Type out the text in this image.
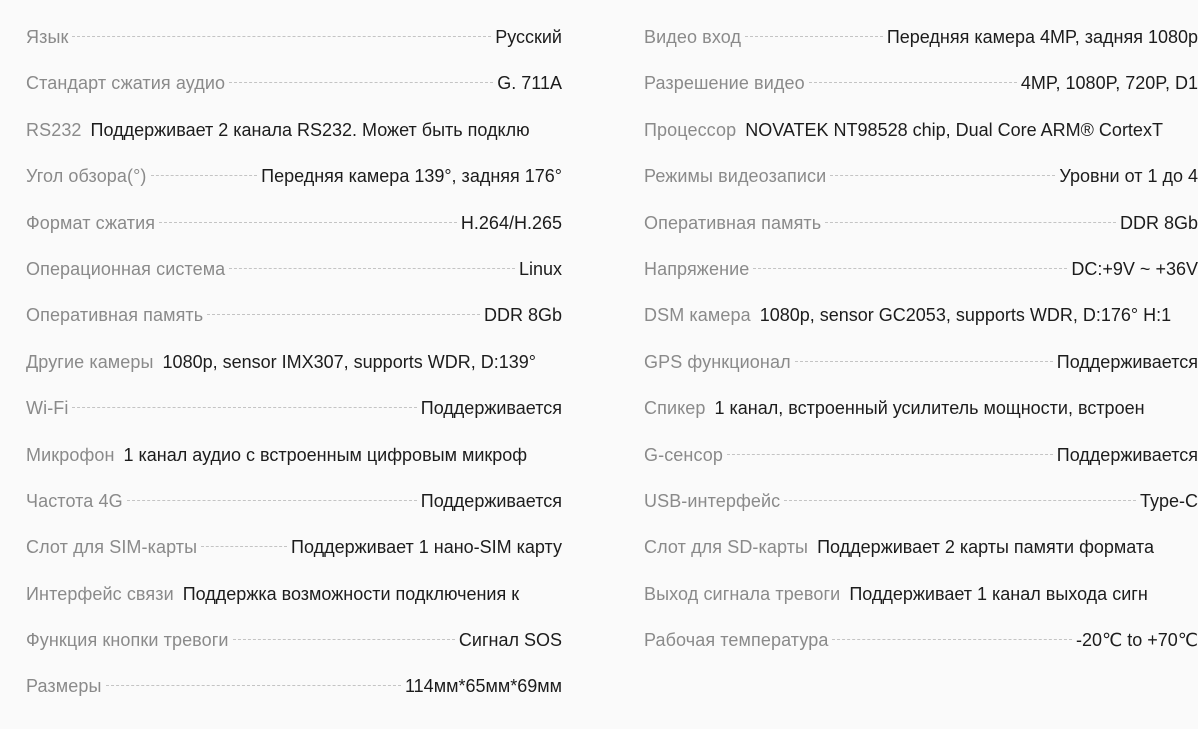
Язык	Русский
Стандарт сжатия аудио	G. 711A
RS232 Поддерживает 2 канала RS232. Может быть подклю
Угол обзора(°)	Передняя камера 139°, задняя 176°
Формат сжатия	H.264/H.265
Операционная система	Linux
Оперативная память	DDR 8Gb
Другие камеры 1080p, sensor IMX307, supports WDR, D:139°
Wi-Fi	Поддерживается
Микрофон 1 канал аудио с встроенным цифровым микроф
Частота 4G	Поддерживается
Слот для SIM-карты	Поддерживает 1 нано-SIM карту
Интерфейс связи Поддержка возможности подключения к
Функция кнопки тревоги	Сигнал SOS
Размеры	114мм*65мм*69мм
Видео вход	Передняя камера 4MP, задняя 1080p
Разрешение видео	4MP, 1080P, 720P, D1
Процессор NOVATEK NT98528 chip, Dual Core ARM® CortexT
Режимы видеозаписи	Уровни от 1 до 4
Оперативная память	DDR 8Gb
Напряжение	DC:+9V ~ +36V
DSM камера 1080p, sensor GC2053, supports WDR, D:176° H:1
GPS функционал	Поддерживается
Спикер 1 канал, встроенный усилитель мощности, встроен
G-сенсор	Поддерживается
USB-интерфейс	Type-C
Слот для SD-карты Поддерживает 2 карты памяти формата
Выход сигнала тревоги Поддерживает 1 канал выхода сигн
Рабочая температура	-20℃ to +70℃
